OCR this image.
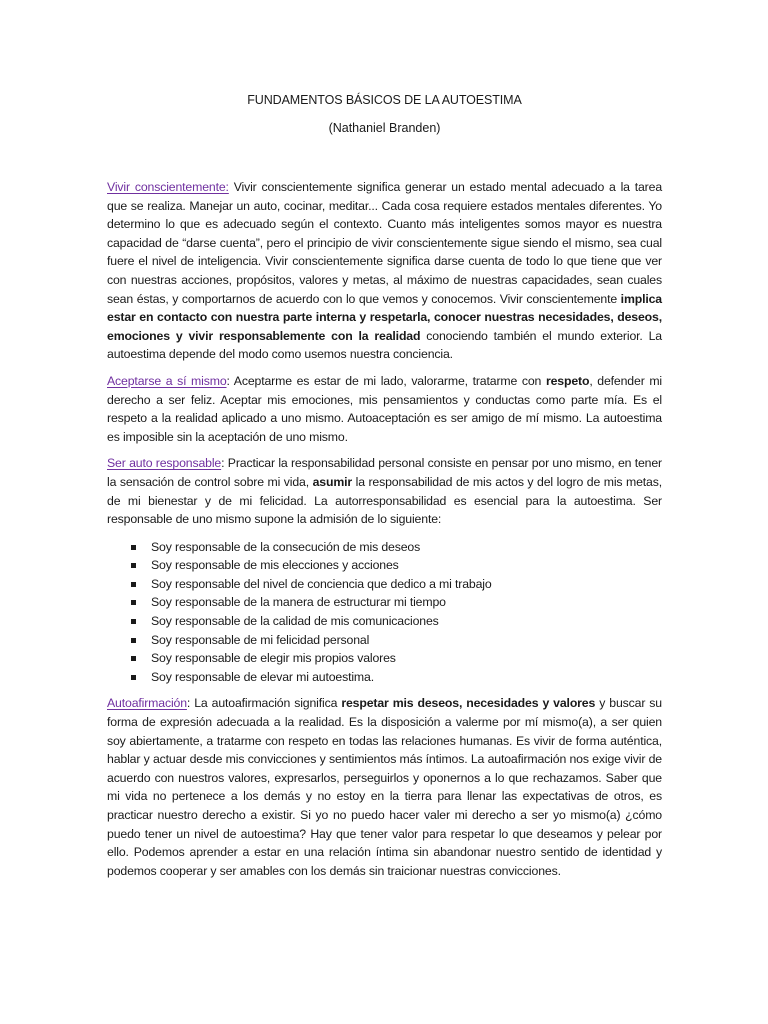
FUNDAMENTOS BÁSICOS DE LA AUTOESTIMA

(Nathaniel Branden)

Vivir conscientemente: Vivir conscientemente significa generar un estado mental adecuado a la tarea que se realiza. Manejar un auto, cocinar, meditar... Cada cosa requiere estados mentales diferentes. Yo determino lo que es adecuado según el contexto. Cuanto más inteligentes somos mayor es nuestra capacidad de “darse cuenta”, pero el principio de vivir conscientemente sigue siendo el mismo, sea cual fuere el nivel de inteligencia. Vivir conscientemente significa darse cuenta de todo lo que tiene que ver con nuestras acciones, propósitos, valores y metas, al máximo de nuestras capacidades, sean cuales sean éstas, y comportarnos de acuerdo con lo que vemos y conocemos. Vivir conscientemente implica estar en contacto con nuestra parte interna y respetarla, conocer nuestras necesidades, deseos, emociones y vivir responsablemente con la realidad conociendo también el mundo exterior. La autoestima depende del modo como usemos nuestra conciencia.

Aceptarse a sí mismo: Aceptarme es estar de mi lado, valorarme, tratarme con respeto, defender mi derecho a ser feliz. Aceptar mis emociones, mis pensamientos y conductas como parte mía. Es el respeto a la realidad aplicado a uno mismo. Autoaceptación es ser amigo de mí mismo. La autoestima es imposible sin la aceptación de uno mismo.

Ser auto responsable: Practicar la responsabilidad personal consiste en pensar por uno mismo, en tener la sensación de control sobre mi vida, asumir la responsabilidad de mis actos y del logro de mis metas, de mi bienestar y de mi felicidad. La autorresponsabilidad es esencial para la autoestima. Ser responsable de uno mismo supone la admisión de lo siguiente:

Soy responsable de la consecución de mis deseos
Soy responsable de mis elecciones y acciones
Soy responsable del nivel de conciencia que dedico a mi trabajo
Soy responsable de la manera de estructurar mi tiempo
Soy responsable de la calidad de mis comunicaciones
Soy responsable de mi felicidad personal
Soy responsable de elegir mis propios valores
Soy responsable de elevar mi autoestima.

Autoafirmación: La autoafirmación significa respetar mis deseos, necesidades y valores y buscar su forma de expresión adecuada a la realidad. Es la disposición a valerme por mí mismo(a), a ser quien soy abiertamente, a tratarme con respeto en todas las relaciones humanas. Es vivir de forma auténtica, hablar y actuar desde mis convicciones y sentimientos más íntimos. La autoafirmación nos exige vivir de acuerdo con nuestros valores, expresarlos, perseguirlos y oponernos a lo que rechazamos. Saber que mi vida no pertenece a los demás y no estoy en la tierra para llenar las expectativas de otros, es practicar nuestro derecho a existir. Si yo no puedo hacer valer mi derecho a ser yo mismo(a) ¿cómo puedo tener un nivel de autoestima? Hay que tener valor para respetar lo que deseamos y pelear por ello. Podemos aprender a estar en una relación íntima sin abandonar nuestro sentido de identidad y podemos cooperar y ser amables con los demás sin traicionar nuestras convicciones.
